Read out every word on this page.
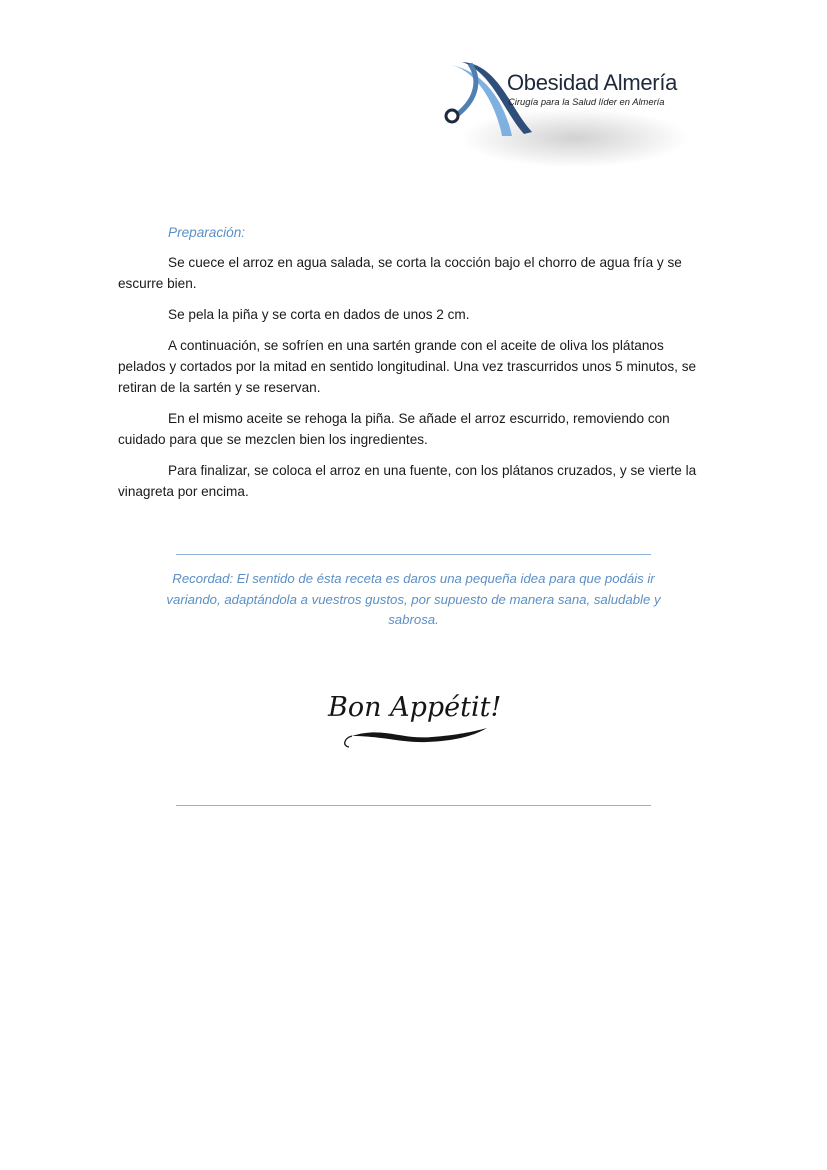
Obesidad Almería

Cirugía para la Salud líder en Almería

Preparación:

Se cuece el arroz en agua salada, se corta la cocción bajo el chorro de agua fría y se escurre bien.

Se pela la piña y se corta en dados de unos 2 cm.

A continuación, se sofríen en una sartén grande con el aceite de oliva los plátanos pelados y cortados por la mitad en sentido longitudinal. Una vez trascurridos unos 5 minutos, se retiran de la sartén y se reservan.

En el mismo aceite se rehoga la piña. Se añade el arroz escurrido, removiendo con cuidado para que se mezclen bien los ingredientes.

Para finalizar, se coloca el arroz en una fuente, con los plátanos cruzados, y se vierte la vinagreta por encima.

Recordad: El sentido de ésta receta es daros una pequeña idea para que podáis ir variando, adaptándola a vuestros gustos, por supuesto de manera sana, saludable y sabrosa.

Bon Appétit!
